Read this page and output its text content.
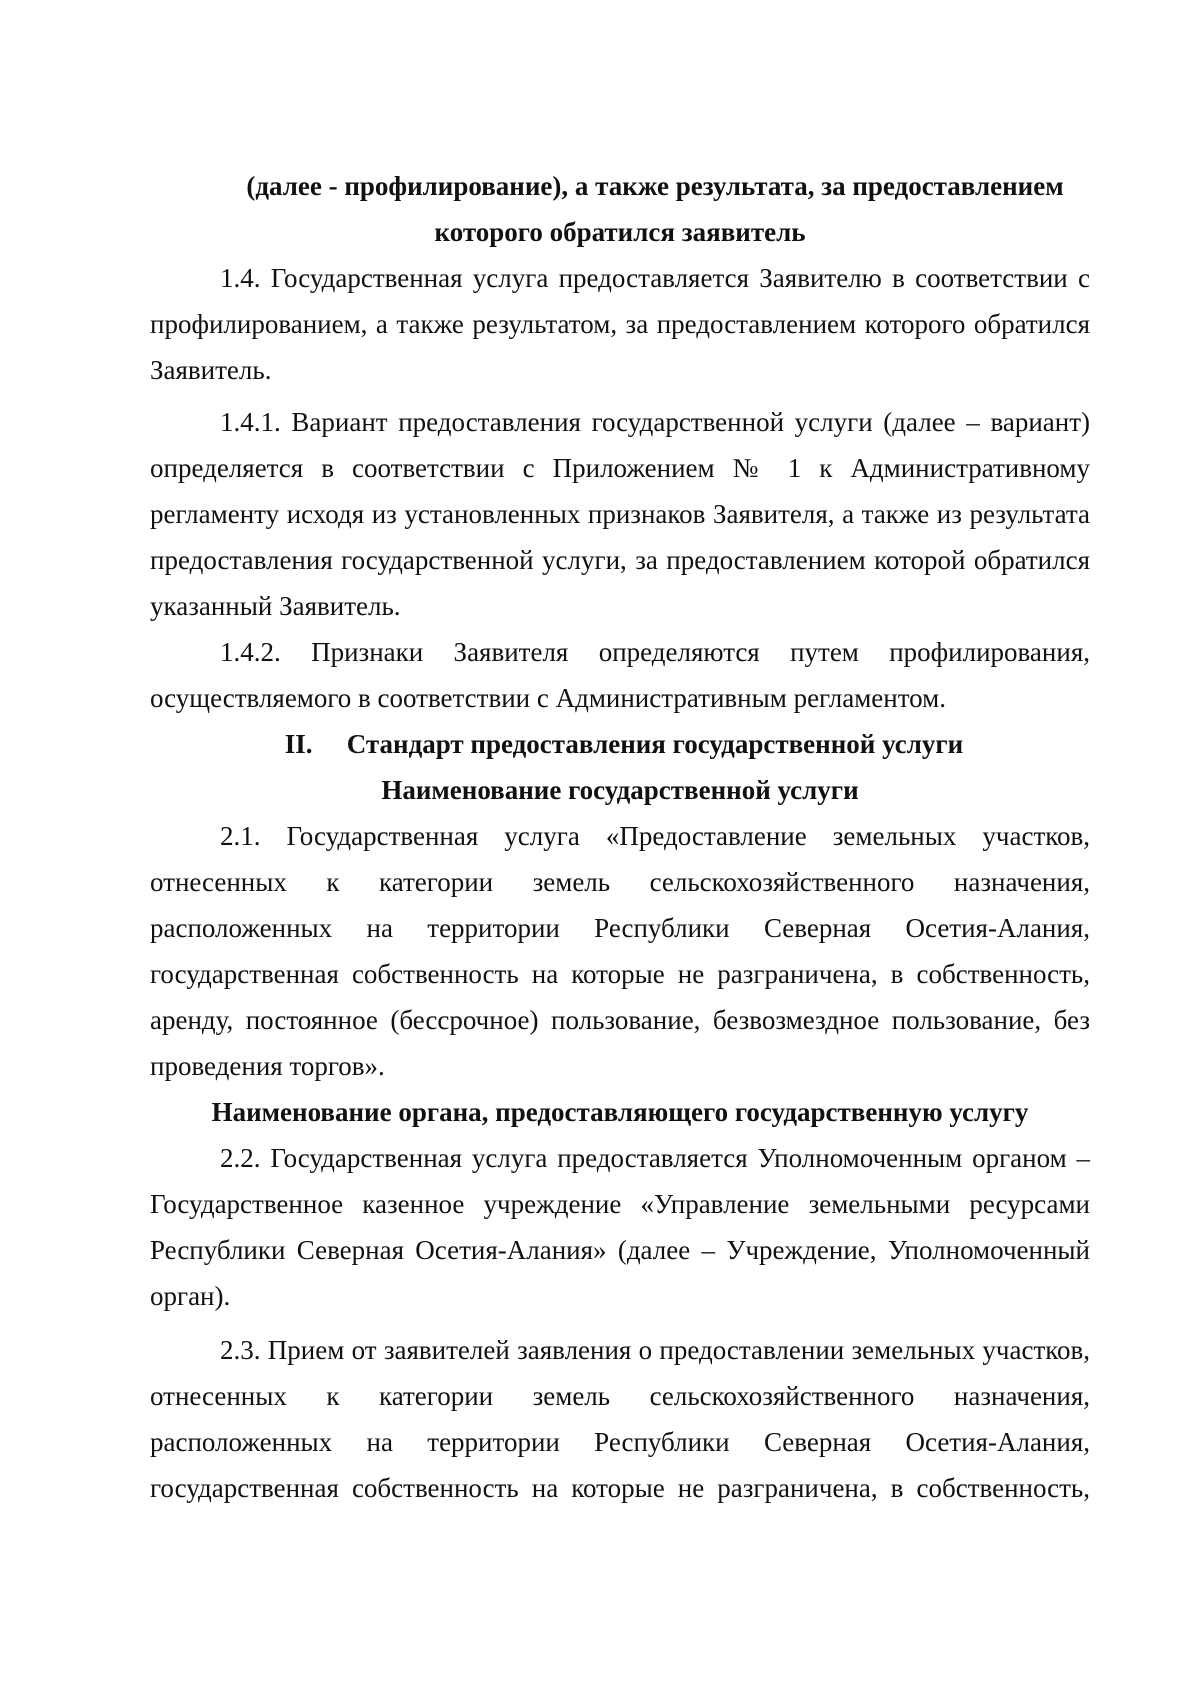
(далее - профилирование), а также результата, за предоставлением

которого обратился заявитель

1.4. Государственная услуга предоставляется Заявителю в соответствии с профилированием, а также результатом, за предоставлением которого обратился Заявитель.

1.4.1. Вариант предоставления государственной услуги (далее – вариант) определяется в соответствии с Приложением № 1 к Административному регламенту исходя из установленных признаков Заявителя, а также из результата предоставления государственной услуги, за предоставлением которой обратился указанный Заявитель.

1.4.2. Признаки Заявителя определяются путем профилирования, осуществляемого в соответствии с Административным регламентом.

II. Стандарт предоставления государственной услуги

Наименование государственной услуги

2.1. Государственная услуга «Предоставление земельных участков, отнесенных к категории земель сельскохозяйственного назначения, расположенных на территории Республики Северная Осетия-Алания, государственная собственность на которые не разграничена, в собственность, аренду, постоянное (бессрочное) пользование, безвозмездное пользование, без проведения торгов».

Наименование органа, предоставляющего государственную услугу

2.2. Государственная услуга предоставляется Уполномоченным органом – Государственное казенное учреждение «Управление земельными ресурсами Республики Северная Осетия-Алания» (далее – Учреждение, Уполномоченный орган).

2.3. Прием от заявителей заявления о предоставлении земельных участков, отнесенных к категории земель сельскохозяйственного назначения, расположенных на территории Республики Северная Осетия-Алания, государственная собственность на которые не разграничена, в собственность,
